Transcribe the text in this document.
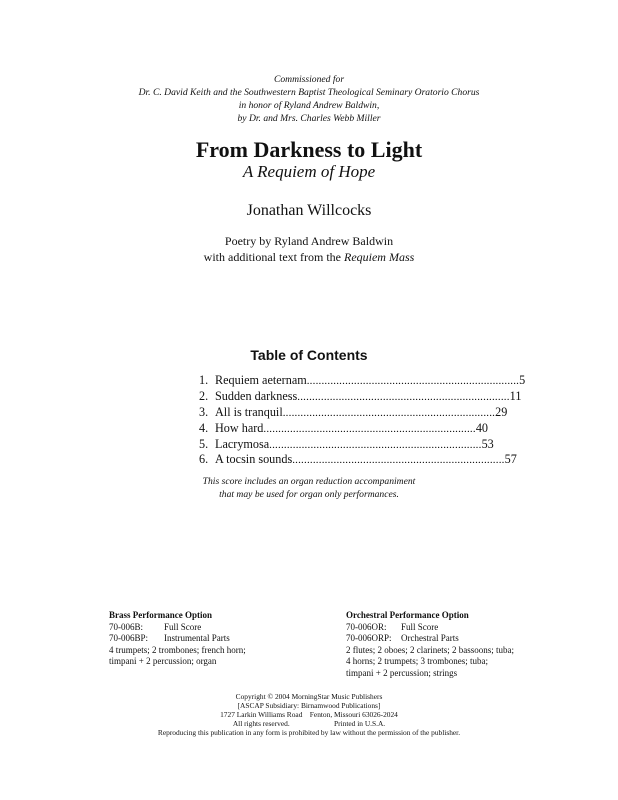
Commissioned for
Dr. C. David Keith and the Southwestern Baptist Theological Seminary Oratorio Chorus
in honor of Ryland Andrew Baldwin,
by Dr. and Mrs. Charles Webb Miller
From Darkness to Light
A Requiem of Hope
Jonathan Willcocks
Poetry by Ryland Andrew Baldwin
with additional text from the Requiem Mass
Table of Contents
1. Requiem aeternam ........................................................................ 5
2. Sudden darkness ........................................................................ 11
3. All is tranquil ........................................................................ 29
4. How hard ........................................................................ 40
5. Lacrymosa ........................................................................ 53
6. A tocsin sounds ........................................................................ 57
This score includes an organ reduction accompaniment
that may be used for organ only performances.
Brass Performance Option
70-006B:	Full Score
70-006BP:	Instrumental Parts
4 trumpets; 2 trombones; french horn;
timpani + 2 percussion; organ
Orchestral Performance Option
70-006OR:	Full Score
70-006ORP:	Orchestral Parts
2 flutes; 2 oboes; 2 clarinets; 2 bassoons; tuba;
4 horns; 2 trumpets; 3 trombones; tuba;
timpani + 2 percussion; strings
Copyright © 2004 MorningStar Music Publishers
[ASCAP Subsidiary: Birnamwood Publications]
1727 Larkin Williams Road Fenton, Missouri 63026-2024
All rights reserved.	Printed in U.S.A.
Reproducing this publication in any form is prohibited by law without the permission of the publisher.
